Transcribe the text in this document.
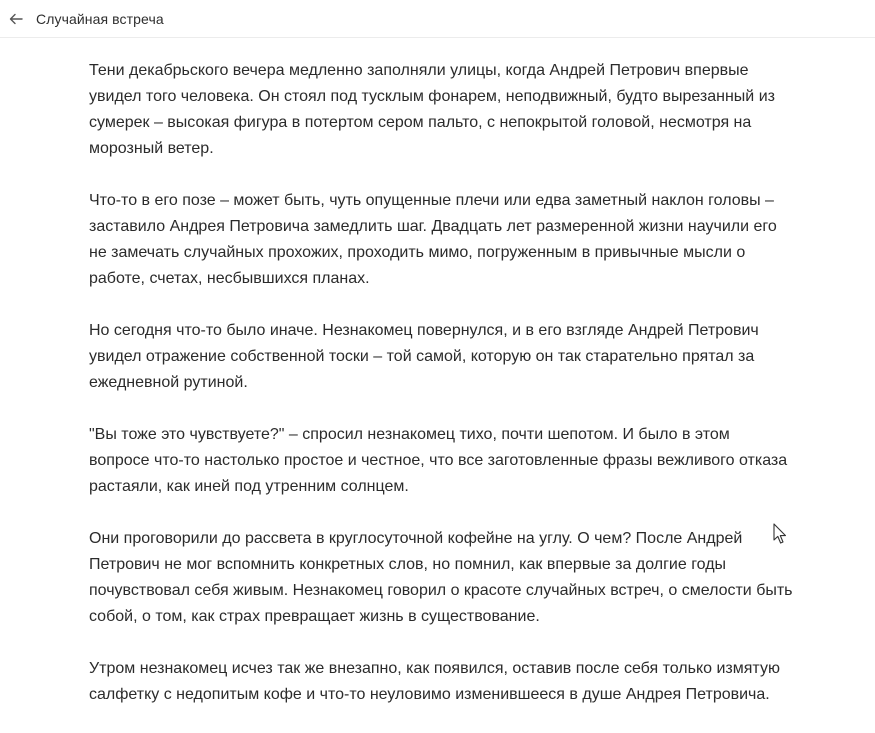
Случайная встреча

Тени декабрьского вечера медленно заполняли улицы, когда Андрей Петрович впервые увидел того человека. Он стоял под тусклым фонарем, неподвижный, будто вырезанный из сумерек – высокая фигура в потертом сером пальто, с непокрытой головой, несмотря на морозный ветер.

Что-то в его позе – может быть, чуть опущенные плечи или едва заметный наклон головы – заставило Андрея Петровича замедлить шаг. Двадцать лет размеренной жизни научили его не замечать случайных прохожих, проходить мимо, погруженным в привычные мысли о работе, счетах, несбывшихся планах.

Но сегодня что-то было иначе. Незнакомец повернулся, и в его взгляде Андрей Петрович увидел отражение собственной тоски – той самой, которую он так старательно прятал за ежедневной рутиной.

"Вы тоже это чувствуете?" – спросил незнакомец тихо, почти шепотом. И было в этом вопросе что-то настолько простое и честное, что все заготовленные фразы вежливого отказа растаяли, как иней под утренним солнцем.

Они проговорили до рассвета в круглосуточной кофейне на углу. О чем? После Андрей Петрович не мог вспомнить конкретных слов, но помнил, как впервые за долгие годы почувствовал себя живым. Незнакомец говорил о красоте случайных встреч, о смелости быть собой, о том, как страх превращает жизнь в существование.

Утром незнакомец исчез так же внезапно, как появился, оставив после себя только измятую салфетку с недопитым кофе и что-то неуловимо изменившееся в душе Андрея Петровича.
